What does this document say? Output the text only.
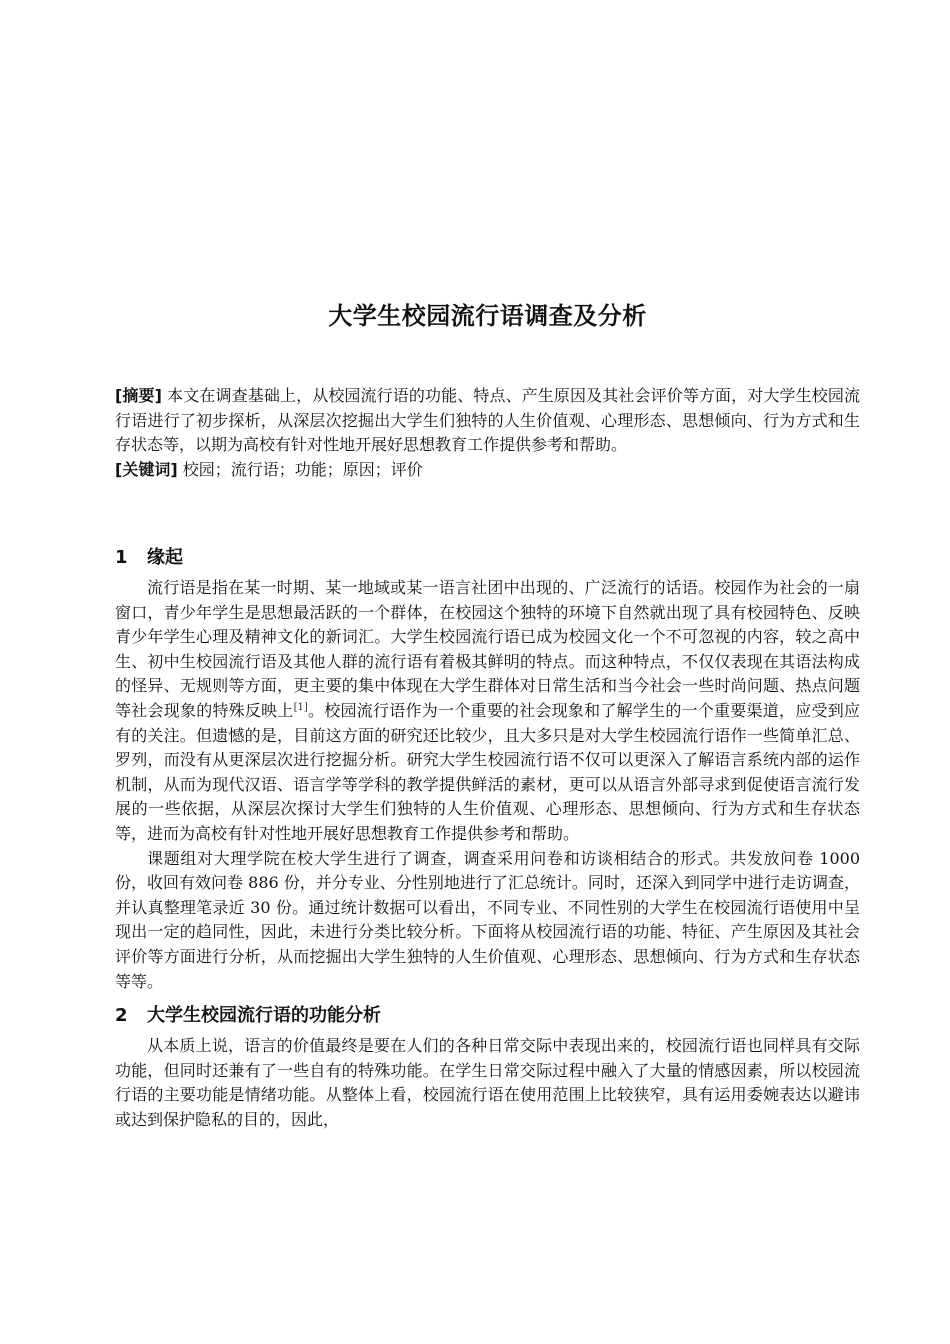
大学生校园流行语调查及分析

[摘要] 本文在调查基础上，从校园流行语的功能、特点、产生原因及其社会评价等方面，对大学生校园流行语进行了初步探析，从深层次挖掘出大学生们独特的人生价值观、心理形态、思想倾向、行为方式和生存状态等，以期为高校有针对性地开展好思想教育工作提供参考和帮助。

[关键词] 校园；流行语；功能；原因；评价

1 缘起

流行语是指在某一时期、某一地域或某一语言社团中出现的、广泛流行的话语。校园作为社会的一扇窗口，青少年学生是思想最活跃的一个群体，在校园这个独特的环境下自然就出现了具有校园特色、反映青少年学生心理及精神文化的新词汇。大学生校园流行语已成为校园文化一个不可忽视的内容，较之高中生、初中生校园流行语及其他人群的流行语有着极其鲜明的特点。而这种特点，不仅仅表现在其语法构成的怪异、无规则等方面，更主要的集中体现在大学生群体对日常生活和当今社会一些时尚问题、热点问题等社会现象的特殊反映上[1]。校园流行语作为一个重要的社会现象和了解学生的一个重要渠道，应受到应有的关注。但遗憾的是，目前这方面的研究还比较少，且大多只是对大学生校园流行语作一些简单汇总、罗列，而没有从更深层次进行挖掘分析。研究大学生校园流行语不仅可以更深入了解语言系统内部的运作机制，从而为现代汉语、语言学等学科的教学提供鲜活的素材，更可以从语言外部寻求到促使语言流行发展的一些依据，从深层次探讨大学生们独特的人生价值观、心理形态、思想倾向、行为方式和生存状态等，进而为高校有针对性地开展好思想教育工作提供参考和帮助。

课题组对大理学院在校大学生进行了调查，调查采用问卷和访谈相结合的形式。共发放问卷 1000 份，收回有效问卷 886 份，并分专业、分性别地进行了汇总统计。同时，还深入到同学中进行走访调查，并认真整理笔录近 30 份。通过统计数据可以看出，不同专业、不同性别的大学生在校园流行语使用中呈现出一定的趋同性，因此，未进行分类比较分析。下面将从校园流行语的功能、特征、产生原因及其社会评价等方面进行分析，从而挖掘出大学生独特的人生价值观、心理形态、思想倾向、行为方式和生存状态等等。

2 大学生校园流行语的功能分析

从本质上说，语言的价值最终是要在人们的各种日常交际中表现出来的，校园流行语也同样具有交际功能，但同时还兼有了一些自有的特殊功能。在学生日常交际过程中融入了大量的情感因素，所以校园流行语的主要功能是情绪功能。从整体上看，校园流行语在使用范围上比较狭窄，具有运用委婉表达以避讳或达到保护隐私的目的，因此，
